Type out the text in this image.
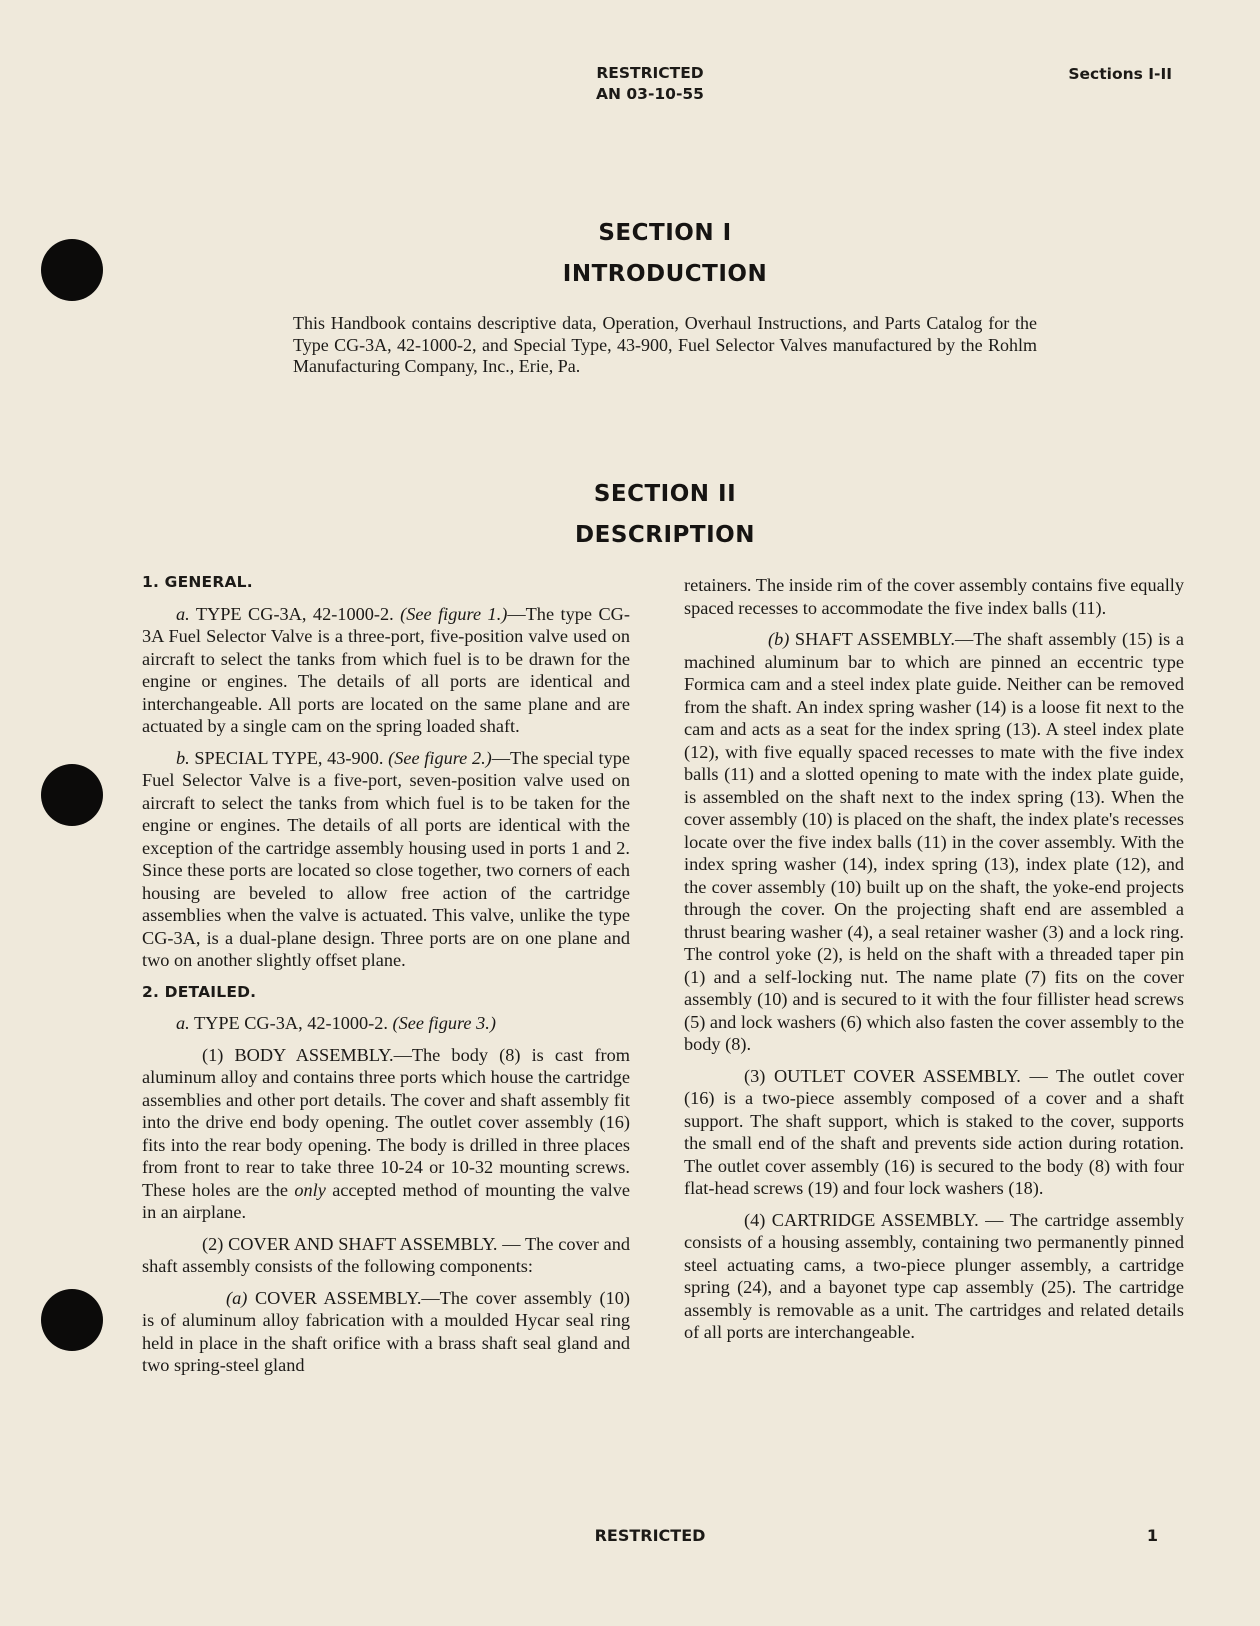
RESTRICTED
AN 03-10-55
Sections I-II
SECTION I
INTRODUCTION
This Handbook contains descriptive data, Operation, Overhaul Instructions, and Parts Catalog for the Type CG-3A, 42-1000-2, and Special Type, 43-900, Fuel Selector Valves manufactured by the Rohlm Manufacturing Company, Inc., Erie, Pa.
SECTION II
DESCRIPTION
1. GENERAL.

a. TYPE CG-3A, 42-1000-2. (See figure 1.)—The type CG-3A Fuel Selector Valve is a three-port, five-position valve used on aircraft to select the tanks from which fuel is to be drawn for the engine or engines. The details of all ports are identical and interchangeable. All ports are located on the same plane and are actuated by a single cam on the spring loaded shaft.

b. SPECIAL TYPE, 43-900. (See figure 2.)—The special type Fuel Selector Valve is a five-port, seven-position valve used on aircraft to select the tanks from which fuel is to be taken for the engine or engines. The details of all ports are identical with the exception of the cartridge assembly housing used in ports 1 and 2. Since these ports are located so close together, two corners of each housing are beveled to allow free action of the cartridge assemblies when the valve is actuated. This valve, unlike the type CG-3A, is a dual-plane design. Three ports are on one plane and two on another slightly offset plane.

2. DETAILED.

a. TYPE CG-3A, 42-1000-2. (See figure 3.)

(1) BODY ASSEMBLY.—The body (8) is cast from aluminum alloy and contains three ports which house the cartridge assemblies and other port details. The cover and shaft assembly fit into the drive end body opening. The outlet cover assembly (16) fits into the rear body opening. The body is drilled in three places from front to rear to take three 10-24 or 10-32 mounting screws. These holes are the only accepted method of mounting the valve in an airplane.

(2) COVER AND SHAFT ASSEMBLY. — The cover and shaft assembly consists of the following components:

(a) COVER ASSEMBLY.—The cover assembly (10) is of aluminum alloy fabrication with a moulded Hycar seal ring held in place in the shaft orifice with a brass shaft seal gland and two spring-steel gland

retainers. The inside rim of the cover assembly contains five equally spaced recesses to accommodate the five index balls (11).

(b) SHAFT ASSEMBLY.—The shaft assembly (15) is a machined aluminum bar to which are pinned an eccentric type Formica cam and a steel index plate guide. Neither can be removed from the shaft. An index spring washer (14) is a loose fit next to the cam and acts as a seat for the index spring (13). A steel index plate (12), with five equally spaced recesses to mate with the five index balls (11) and a slotted opening to mate with the index plate guide, is assembled on the shaft next to the index spring (13). When the cover assembly (10) is placed on the shaft, the index plate's recesses locate over the five index balls (11) in the cover assembly. With the index spring washer (14), index spring (13), index plate (12), and the cover assembly (10) built up on the shaft, the yoke-end projects through the cover. On the projecting shaft end are assembled a thrust bearing washer (4), a seal retainer washer (3) and a lock ring. The control yoke (2), is held on the shaft with a threaded taper pin (1) and a self-locking nut. The name plate (7) fits on the cover assembly (10) and is secured to it with the four fillister head screws (5) and lock washers (6) which also fasten the cover assembly to the body (8).

(3) OUTLET COVER ASSEMBLY. — The outlet cover (16) is a two-piece assembly composed of a cover and a shaft support. The shaft support, which is staked to the cover, supports the small end of the shaft and prevents side action during rotation. The outlet cover assembly (16) is secured to the body (8) with four flat-head screws (19) and four lock washers (18).

(4) CARTRIDGE ASSEMBLY. — The cartridge assembly consists of a housing assembly, containing two permanently pinned steel actuating cams, a two-piece plunger assembly, a cartridge spring (24), and a bayonet type cap assembly (25). The cartridge assembly is removable as a unit. The cartridges and related details of all ports are interchangeable.

RESTRICTED	1
